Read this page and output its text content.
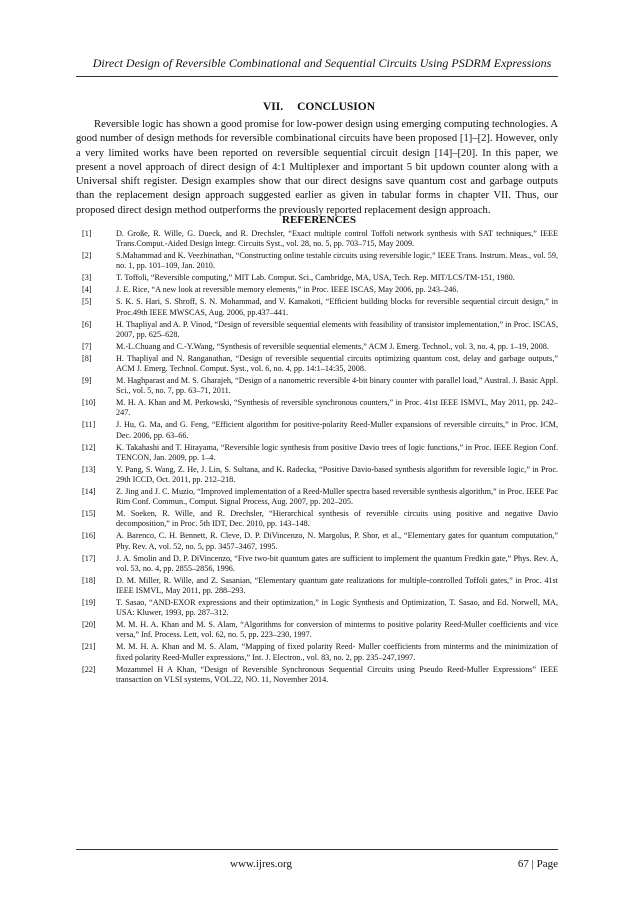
Direct Design of Reversible Combinational and Sequential Circuits Using PSDRM Expressions
VII. CONCLUSION

Reversible logic has shown a good promise for low-power design using emerging computing technologies. A good number of design methods for reversible combinational circuits have been proposed [1]–[2]. However, only a very limited works have been reported on reversible sequential circuit design [14]–[20]. In this paper, we present a novel approach of direct design of 4:1 Multiplexer and important 5 bit updown counter along with a Universal shift register. Design examples show that our direct designs save quantum cost and garbage outputs than the replacement design approach suggested earlier as given in tabular forms in chapter VII. Thus, our proposed direct design method outperforms the previously reported replacement design approach.

REFERENCES
[1]	D. Große, R. Wille, G. Dueck, and R. Drechsler, “Exact multiple control Toffoli network synthesis with SAT techniques,” IEEE Trans.Comput.-Aided Design Integr. Circuits Syst., vol. 28, no. 5, pp. 703–715, May 2009.
[2]	S.Mahammad and K. Veezhinathan, “Constructing online testable circuits using reversible logic,” IEEE Trans. Instrum. Meas., vol. 59, no. 1, pp. 101–109, Jan. 2010.
[3]	T. Toffoli, “Reversible computing,” MIT Lab. Comput. Sci., Cambridge, MA, USA, Tech. Rep. MIT/LCS/TM-151, 1980.
[4]	J. E. Rice, “A new look at reversible memory elements,” in Proc. IEEE ISCAS, May 2006, pp. 243–246.
[5]	S. K. S. Hari, S. Shroff, S. N. Mohammad, and V. Kamakoti, “Efficient building blocks for reversible sequential circuit design,” in Proc.49th IEEE MWSCAS, Aug. 2006, pp.437–441.
[6]	H. Thapliyal and A. P. Vinod, “Design of reversible sequential elements with feasibility of transistor implementation,” in Proc. ISCAS, 2007, pp. 625–628.
[7]	M.-L.Chuang and C.-Y.Wang, “Synthesis of reversible sequential elements,” ACM J. Emerg. Technol., vol. 3, no. 4, pp. 1–19, 2008.
[8]	H. Thapliyal and N. Ranganathan, “Design of reversible sequential circuits optimizing quantum cost, delay and garbage outputs,” ACM J. Emerg. Technol. Comput. Syst., vol. 6, no. 4, pp. 14:1–14:35, 2008.
[9]	M. Haghparast and M. S. Gharajeh, “Design of a nanometric reversible 4-bit binary counter with parallel load,” Austral. J. Basic Appl. Sci., vol. 5, no. 7, pp. 63–71, 2011.
[10]	M. H. A. Khan and M. Perkowski, “Synthesis of reversible synchronous counters,” in Proc. 41st IEEE ISMVL, May 2011, pp. 242–247.
[11]	J. Hu, G. Ma, and G. Feng, “Efficient algorithm for positive-polarity Reed-Muller expansions of reversible circuits,” in Proc. ICM, Dec. 2006, pp. 63–66.
[12]	K. Takahashi and T. Hirayama, “Reversible logic synthesis from positive Davio trees of logic functions,” in Proc. IEEE Region Conf. TENCON, Jan. 2009, pp. 1–4.
[13]	Y. Pang, S. Wang, Z. He, J. Lin, S. Sultana, and K. Radecka, “Positive Davio-based synthesis algorithm for reversible logic,” in Proc. 29th ICCD, Oct. 2011, pp. 212–218.
[14]	Z. Jing and J. C. Muzio, “Improved implementation of a Reed-Muller spectra based reversible synthesis algorithm,” in Proc. IEEE Pac Rim Conf. Commun., Comput. Signal Process, Aug. 2007, pp. 202–205.
[15]	M. Soeken, R. Wille, and R. Drechsler, “Hierarchical synthesis of reversible circuits using positive and negative Davio decomposition,” in Proc. 5th IDT, Dec. 2010, pp. 143–148.
[16]	A. Barenco, C. H. Bennett, R. Cleve, D. P. DiVincenzo, N. Margolus, P. Shor, et al., “Elementary gates for quantum computation,” Phy. Rev. A, vol. 52, no. 5, pp. 3457–3467, 1995.
[17]	J. A. Smolin and D. P. DiVincenzo, “Five two-bit quantum gates are sufficient to implement the quantum Fredkin gate,” Phys. Rev. A, vol. 53, no. 4, pp. 2855–2856, 1996.
[18]	D. M. Miller, R. Wille, and Z. Sasanian, “Elementary quantum gate realizations for multiple-controlled Toffoli gates,” in Proc. 41st IEEE ISMVL, May 2011, pp. 288–293.
[19]	T. Sasao, “AND-EXOR expressions and their optimization,” in Logic Synthesis and Optimization, T. Sasao, and Ed. Norwell, MA, USA: Kluwer, 1993, pp. 287–312.
[20]	M. M. H. A. Khan and M. S. Alam, “Algorithms for conversion of minterms to positive polarity Reed-Muller coefficients and vice versa,” Inf. Process. Lett, vol. 62, no. 5, pp. 223–230, 1997.
[21]	M. M. H. A. Khan and M. S. Alam, “Mapping of fixed polarity Reed- Muller coefficients from minterms and the minimization of fixed polarity Reed-Muller expressions,” Int. J. Electron., vol. 83, no. 2, pp. 235–247,1997.
[22]	Mozammel H A Khan, “Design of Reversible Synchronous Sequential Circuits using Pseudo Reed-Muller Expressions” IEEE transaction on VLSI systems, VOL.22, NO. 11, November 2014.
www.ijres.org	67 | Page
